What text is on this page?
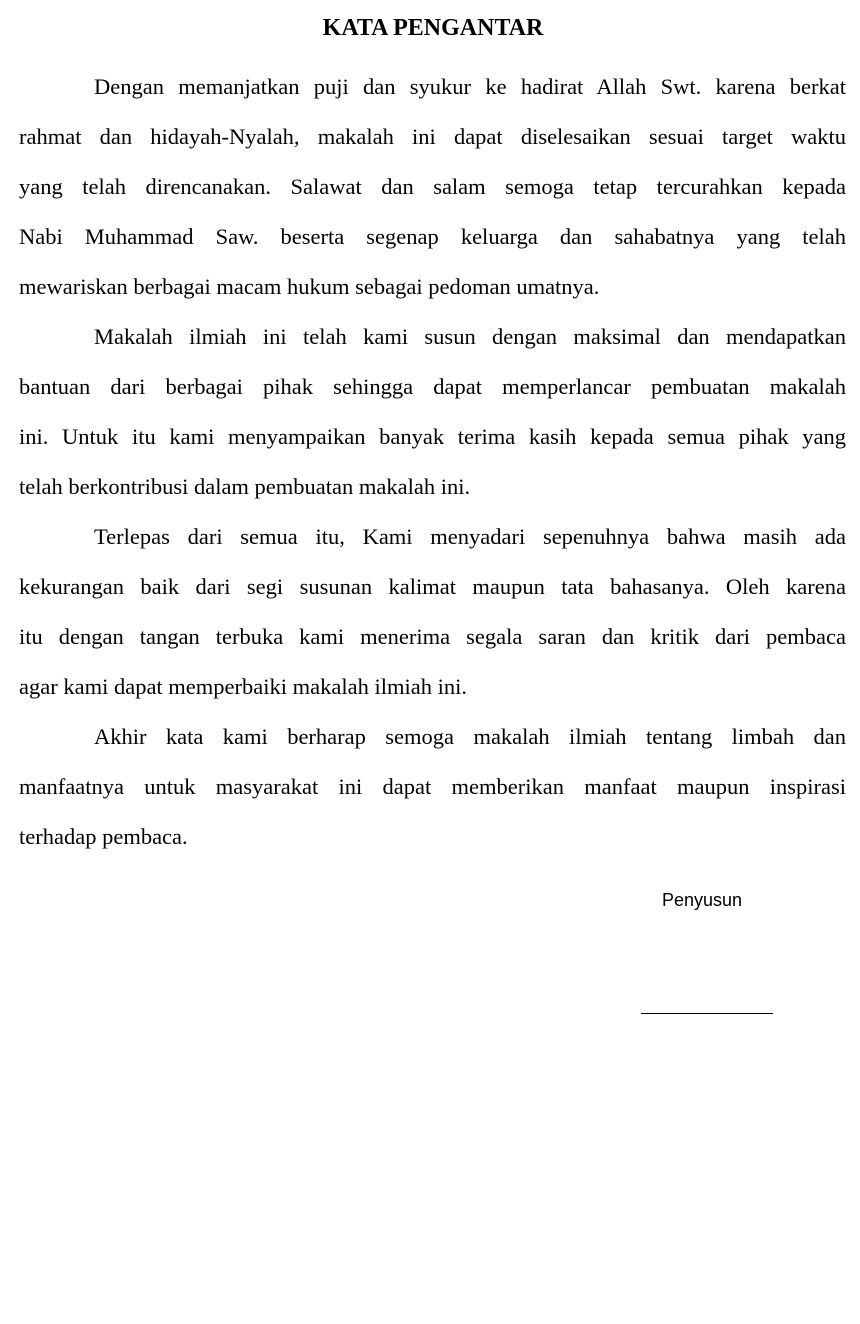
KATA PENGANTAR
Dengan memanjatkan puji dan syukur ke hadirat Allah Swt. karena berkat
rahmat dan hidayah-Nyalah, makalah ini dapat diselesaikan sesuai target waktu
yang telah direncanakan. Salawat dan salam semoga tetap tercurahkan kepada
Nabi Muhammad Saw. beserta segenap keluarga dan sahabatnya yang telah
mewariskan berbagai macam hukum sebagai pedoman umatnya.
Makalah ilmiah ini telah kami susun dengan maksimal dan mendapatkan
bantuan dari berbagai pihak sehingga dapat memperlancar pembuatan makalah
ini. Untuk itu kami menyampaikan banyak terima kasih kepada semua pihak yang
telah berkontribusi dalam pembuatan makalah ini.
Terlepas dari semua itu, Kami menyadari sepenuhnya bahwa masih ada
kekurangan baik dari segi susunan kalimat maupun tata bahasanya. Oleh karena
itu dengan tangan terbuka kami menerima segala saran dan kritik dari pembaca
agar kami dapat memperbaiki makalah ilmiah ini.
Akhir kata kami berharap semoga makalah ilmiah tentang limbah dan
manfaatnya untuk masyarakat ini dapat memberikan manfaat maupun inspirasi
terhadap pembaca.
Penyusun
